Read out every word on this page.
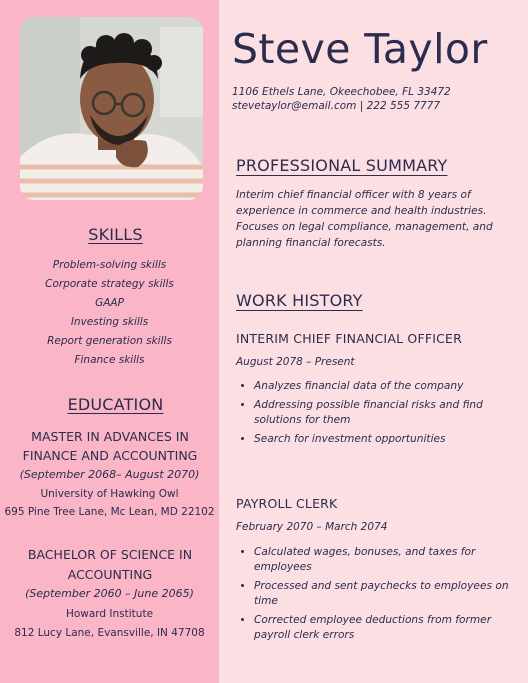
SKILLS
Problem-solving skills
Corporate strategy skills
GAAP
Investing skills
Report generation skills
Finance skills
EDUCATION
MASTER IN ADVANCES IN
FINANCE AND ACCOUNTING
(September 2068– August 2070)
University of Hawking Owl
695 Pine Tree Lane, Mc Lean, MD 22102
BACHELOR OF SCIENCE IN
ACCOUNTING
(September 2060 – June 2065)
Howard Institute
812 Lucy Lane, Evansville, IN 47708
Steve Taylor
1106 Ethels Lane, Okeechobee, FL 33472
stevetaylor@email.com | 222 555 7777
PROFESSIONAL SUMMARY
Interim chief financial officer with 8 years of experience in commerce and health industries. Focuses on legal compliance, management, and planning financial forecasts.
WORK HISTORY
INTERIM CHIEF FINANCIAL OFFICER
August 2078 – Present
• Analyzes financial data of the company
• Addressing possible financial risks and find solutions for them
• Search for investment opportunities
PAYROLL CLERK
February 2070 – March 2074
• Calculated wages, bonuses, and taxes for employees
• Processed and sent paychecks to employees on time
• Corrected employee deductions from former payroll clerk errors
